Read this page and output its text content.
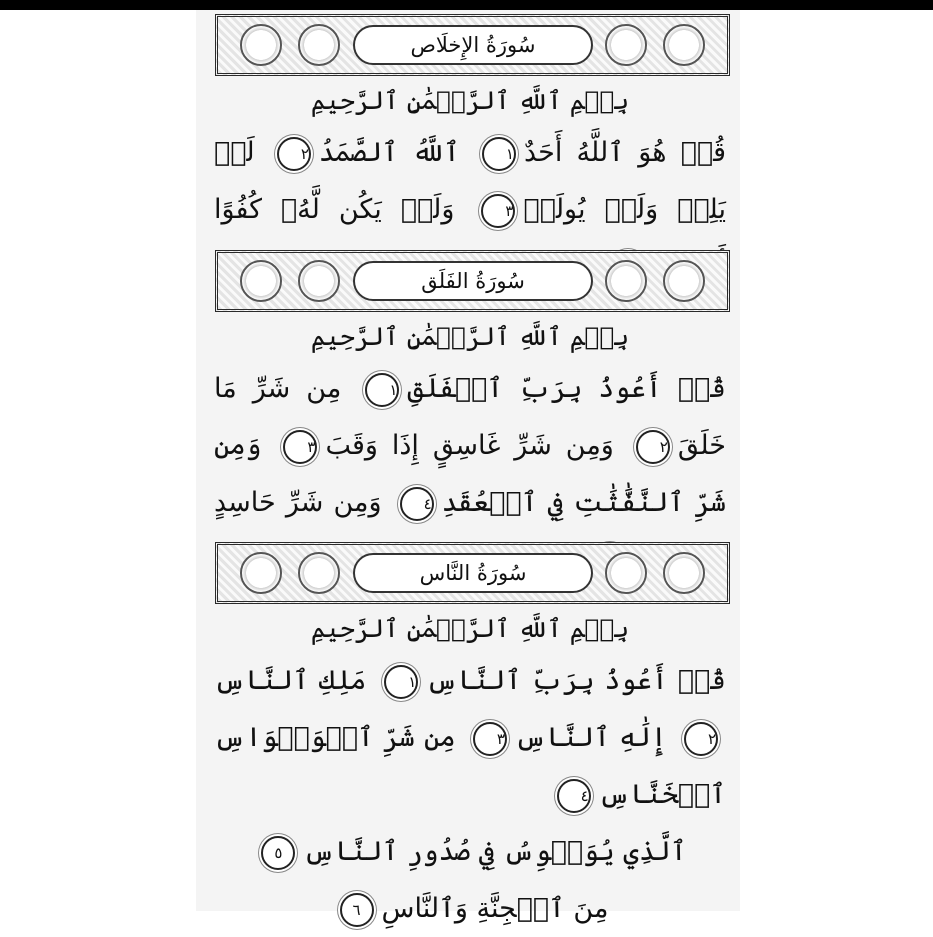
سُورَةُ الإِخلَاص
بِسۡمِ ٱللَّهِ ٱلرَّحۡمَٰنِ ٱلرَّحِيمِ
قُلۡ هُوَ ٱللَّهُ أَحَدٌ١ ٱللَّهُ ٱلصَّمَدُ٢ لَمۡ يَلِدۡ وَلَمۡ يُولَدۡ٣ وَلَمۡ يَكُن لَّهُۥ كُفُوًا
سُورَةُ الفَلَق
بِسۡمِ ٱللَّهِ ٱلرَّحۡمَٰنِ ٱلرَّحِيمِ
قُلۡ أَعُوذُ بِرَبِّ ٱلۡفَلَقِ١ مِن شَرِّ مَا خَلَقَ٢ وَمِن شَرِّ غَاسِقٍ إِذَا وَقَبَ٣ وَمِن شَرِّ ٱلنَّفَّٰثَٰتِ فِي ٱلۡعُقَدِ٤ وَمِن شَرِّ حَاسِدٍ
سُورَةُ النَّاس
بِسۡمِ ٱللَّهِ ٱلرَّحۡمَٰنِ ٱلرَّحِيمِ
قُلۡ أَعُوذُ بِرَبِّ ٱلنَّاسِ١ مَلِكِ ٱلنَّاسِ٢ إِلَٰهِ ٱلنَّاسِ٣ مِن شَرِّ ٱلۡوَسۡوَاسِ ٱلۡخَنَّاسِ٤
ٱلَّذِي يُوَسۡوِسُ فِي صُدُورِ ٱلنَّاسِ٥
مِنَ ٱلۡجِنَّةِ وَٱلنَّاسِ٦
